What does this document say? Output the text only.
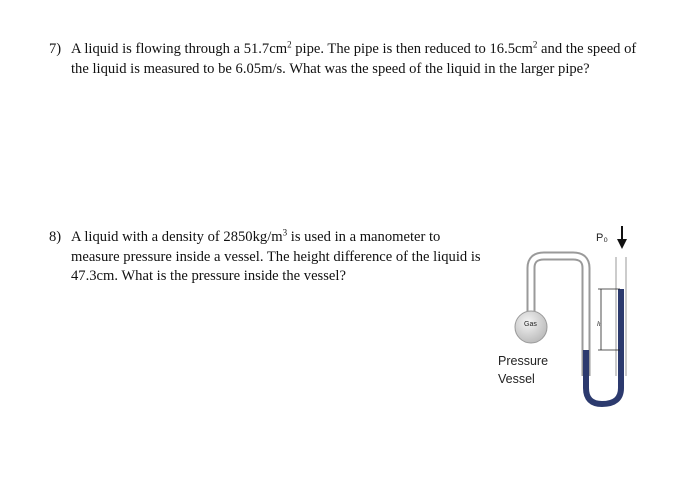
7) A liquid is flowing through a $51.7cm^2$ pipe. The pipe is then reduced to $16.5cm^2$ and the speed of the liquid is measured to be 6.05m/s. What was the speed of the liquid in the larger pipe?
8) A liquid with a density of $2850kg/m^3$ is used in a manometer to measure pressure inside a vessel. The height difference of the liquid is 47.3cm. What is the pressure inside the vessel?
Gas
Pressure
Vessel
P₀
h
